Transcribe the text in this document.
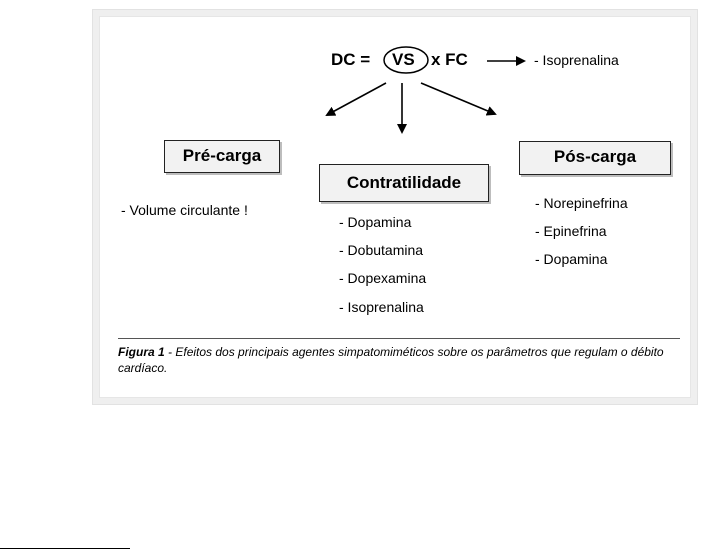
DC = VS x FC	- Isoprenalina
Pré-carga
Contratilidade
Pós-carga
- Volume circulante !
- Dopamina
- Dobutamina
- Dopexamina
- Isoprenalina
- Norepinefrina
- Epinefrina
- Dopamina
Figura 1 - Efeitos dos principais agentes simpatomiméticos sobre os parâmetros que regulam o débito cardíaco.
